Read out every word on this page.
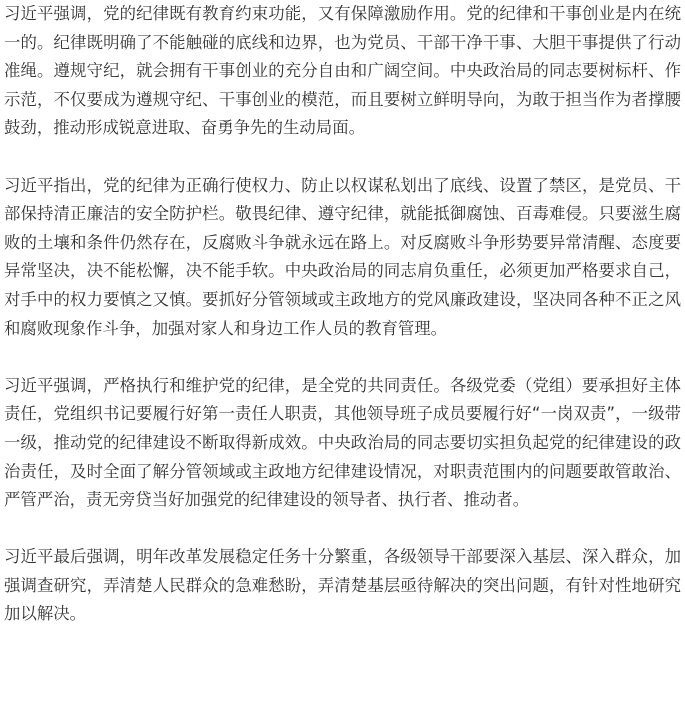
习近平强调，党的纪律既有教育约束功能，又有保障激励作用。党的纪律和干事创业是内在统一的。纪律既明确了不能触碰的底线和边界，也为党员、干部干净干事、大胆干事提供了行动准绳。遵规守纪，就会拥有干事创业的充分自由和广阔空间。中央政治局的同志要树标杆、作示范，不仅要成为遵规守纪、干事创业的模范，而且要树立鲜明导向，为敢于担当作为者撑腰鼓劲，推动形成锐意进取、奋勇争先的生动局面。

习近平指出，党的纪律为正确行使权力、防止以权谋私划出了底线、设置了禁区，是党员、干部保持清正廉洁的安全防护栏。敬畏纪律、遵守纪律，就能抵御腐蚀、百毒难侵。只要滋生腐败的土壤和条件仍然存在，反腐败斗争就永远在路上。对反腐败斗争形势要异常清醒、态度要异常坚决，决不能松懈，决不能手软。中央政治局的同志肩负重任，必须更加严格要求自己，对手中的权力要慎之又慎。要抓好分管领域或主政地方的党风廉政建设，坚决同各种不正之风和腐败现象作斗争，加强对家人和身边工作人员的教育管理。

习近平强调，严格执行和维护党的纪律，是全党的共同责任。各级党委（党组）要承担好主体责任，党组织书记要履行好第一责任人职责，其他领导班子成员要履行好“一岗双责”，一级带一级，推动党的纪律建设不断取得新成效。中央政治局的同志要切实担负起党的纪律建设的政治责任，及时全面了解分管领域或主政地方纪律建设情况，对职责范围内的问题要敢管敢治、严管严治，责无旁贷当好加强党的纪律建设的领导者、执行者、推动者。

习近平最后强调，明年改革发展稳定任务十分繁重，各级领导干部要深入基层、深入群众，加强调查研究，弄清楚人民群众的急难愁盼，弄清楚基层亟待解决的突出问题，有针对性地研究加以解决。
